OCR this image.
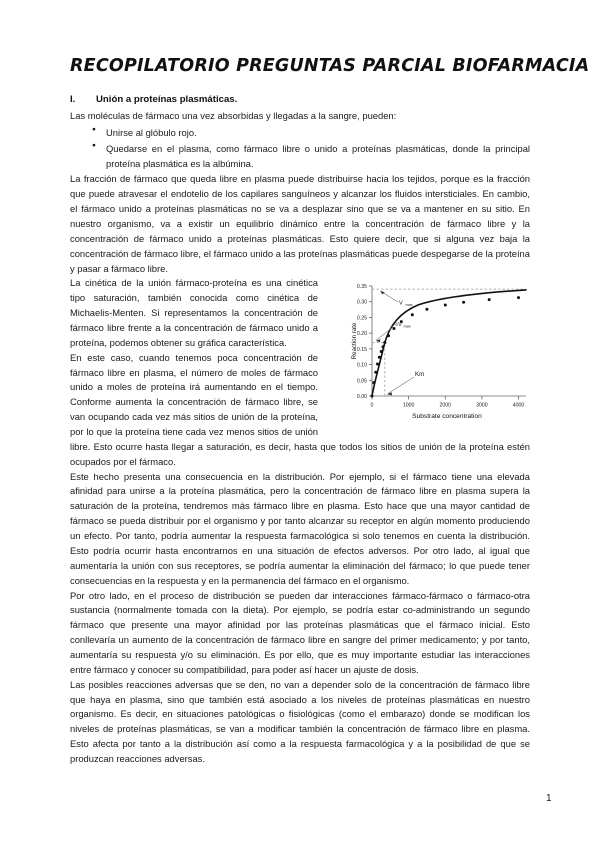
RECOPILATORIO PREGUNTAS PARCIAL BIOFARMACIA
I.	Unión a proteínas plasmáticas.

Las moléculas de fármaco una vez absorbidas y llegadas a la sangre, pueden:

● Unirse al glóbulo rojo.
● Quedarse en el plasma, como fármaco libre o unido a proteínas plasmáticas, donde la principal proteína plasmática es la albúmina.

La fracción de fármaco que queda libre en plasma puede distribuirse hacia los tejidos, porque es la fracción que puede atravesar el endotelio de los capilares sanguíneos y alcanzar los fluidos intersticiales. En cambio, el fármaco unido a proteínas plasmáticas no se va a desplazar sino que se va a mantener en su sitio. En nuestro organismo, va a existir un equilibrio dinámico entre la concentración de fármaco libre y la concentración de fármaco unido a proteínas plasmáticas. Esto quiere decir, que si alguna vez baja la concentración de fármaco libre, el fármaco unido a las proteínas plasmáticas puede despegarse de la proteína y pasar a fármaco libre.

0.00
0.05
0.10
0.15
0.20
0.25
0.30
0.35
0	1000	2000	3000	4000
Substrate concentration
Reaction rate
V max
½V max
Km

La cinética de la unión fármaco-proteína es una cinética tipo saturación, también conocida como cinética de Michaelis-Menten. Si representamos la concentración de fármaco libre frente a la concentración de fármaco unido a proteína, podemos obtener su gráfica característica.

En este caso, cuando tenemos poca concentración de fármaco libre en plasma, el número de moles de fármaco unido a moles de proteína irá aumentando en el tiempo. Conforme aumenta la concentración de fármaco libre, se van ocupando cada vez más sitios de unión de la proteína, por lo que la proteína tiene cada vez menos sitios de unión libre. Esto ocurre hasta llegar a saturación, es decir, hasta que todos los sitios de unión de la proteína estén ocupados por el fármaco.

Este hecho presenta una consecuencia en la distribución. Por ejemplo, si el fármaco tiene una elevada afinidad para unirse a la proteína plasmática, pero la concentración de fármaco libre en plasma supera la saturación de la proteína, tendremos más fármaco libre en plasma. Esto hace que una mayor cantidad de fármaco se pueda distribuir por el organismo y por tanto alcanzar su receptor en algún momento produciendo un efecto. Por tanto, podría aumentar la respuesta farmacológica si solo tenemos en cuenta la distribución. Esto podría ocurrir hasta encontrarnos en una situación de efectos adversos. Por otro lado, al igual que aumentaría la unión con sus receptores, se podría aumentar la eliminación del fármaco; lo que puede tener consecuencias en la respuesta y en la permanencia del fármaco en el organismo.

Por otro lado, en el proceso de distribución se pueden dar interacciones fármaco-fármaco o fármaco-otra sustancia (normalmente tomada con la dieta). Por ejemplo, se podría estar co-administrando un segundo fármaco que presente una mayor afinidad por las proteínas plasmáticas que el fármaco inicial. Esto conllevaría un aumento de la concentración de fármaco libre en sangre del primer medicamento; y por tanto, aumentaría su respuesta y/o su eliminación. Es por ello, que es muy importante estudiar las interacciones entre fármaco y conocer su compatibilidad, para poder así hacer un ajuste de dosis.

Las posibles reacciones adversas que se den, no van a depender solo de la concentración de fármaco libre que haya en plasma, sino que también está asociado a los niveles de proteínas plasmáticas en nuestro organismo. Es decir, en situaciones patológicas o fisiológicas (como el embarazo) donde se modifican los niveles de proteínas plasmáticas, se van a modificar también la concentración de fármaco libre en plasma. Esto afecta por tanto a la distribución así como a la respuesta farmacológica y a la posibilidad de que se produzcan reacciones adversas.

1
